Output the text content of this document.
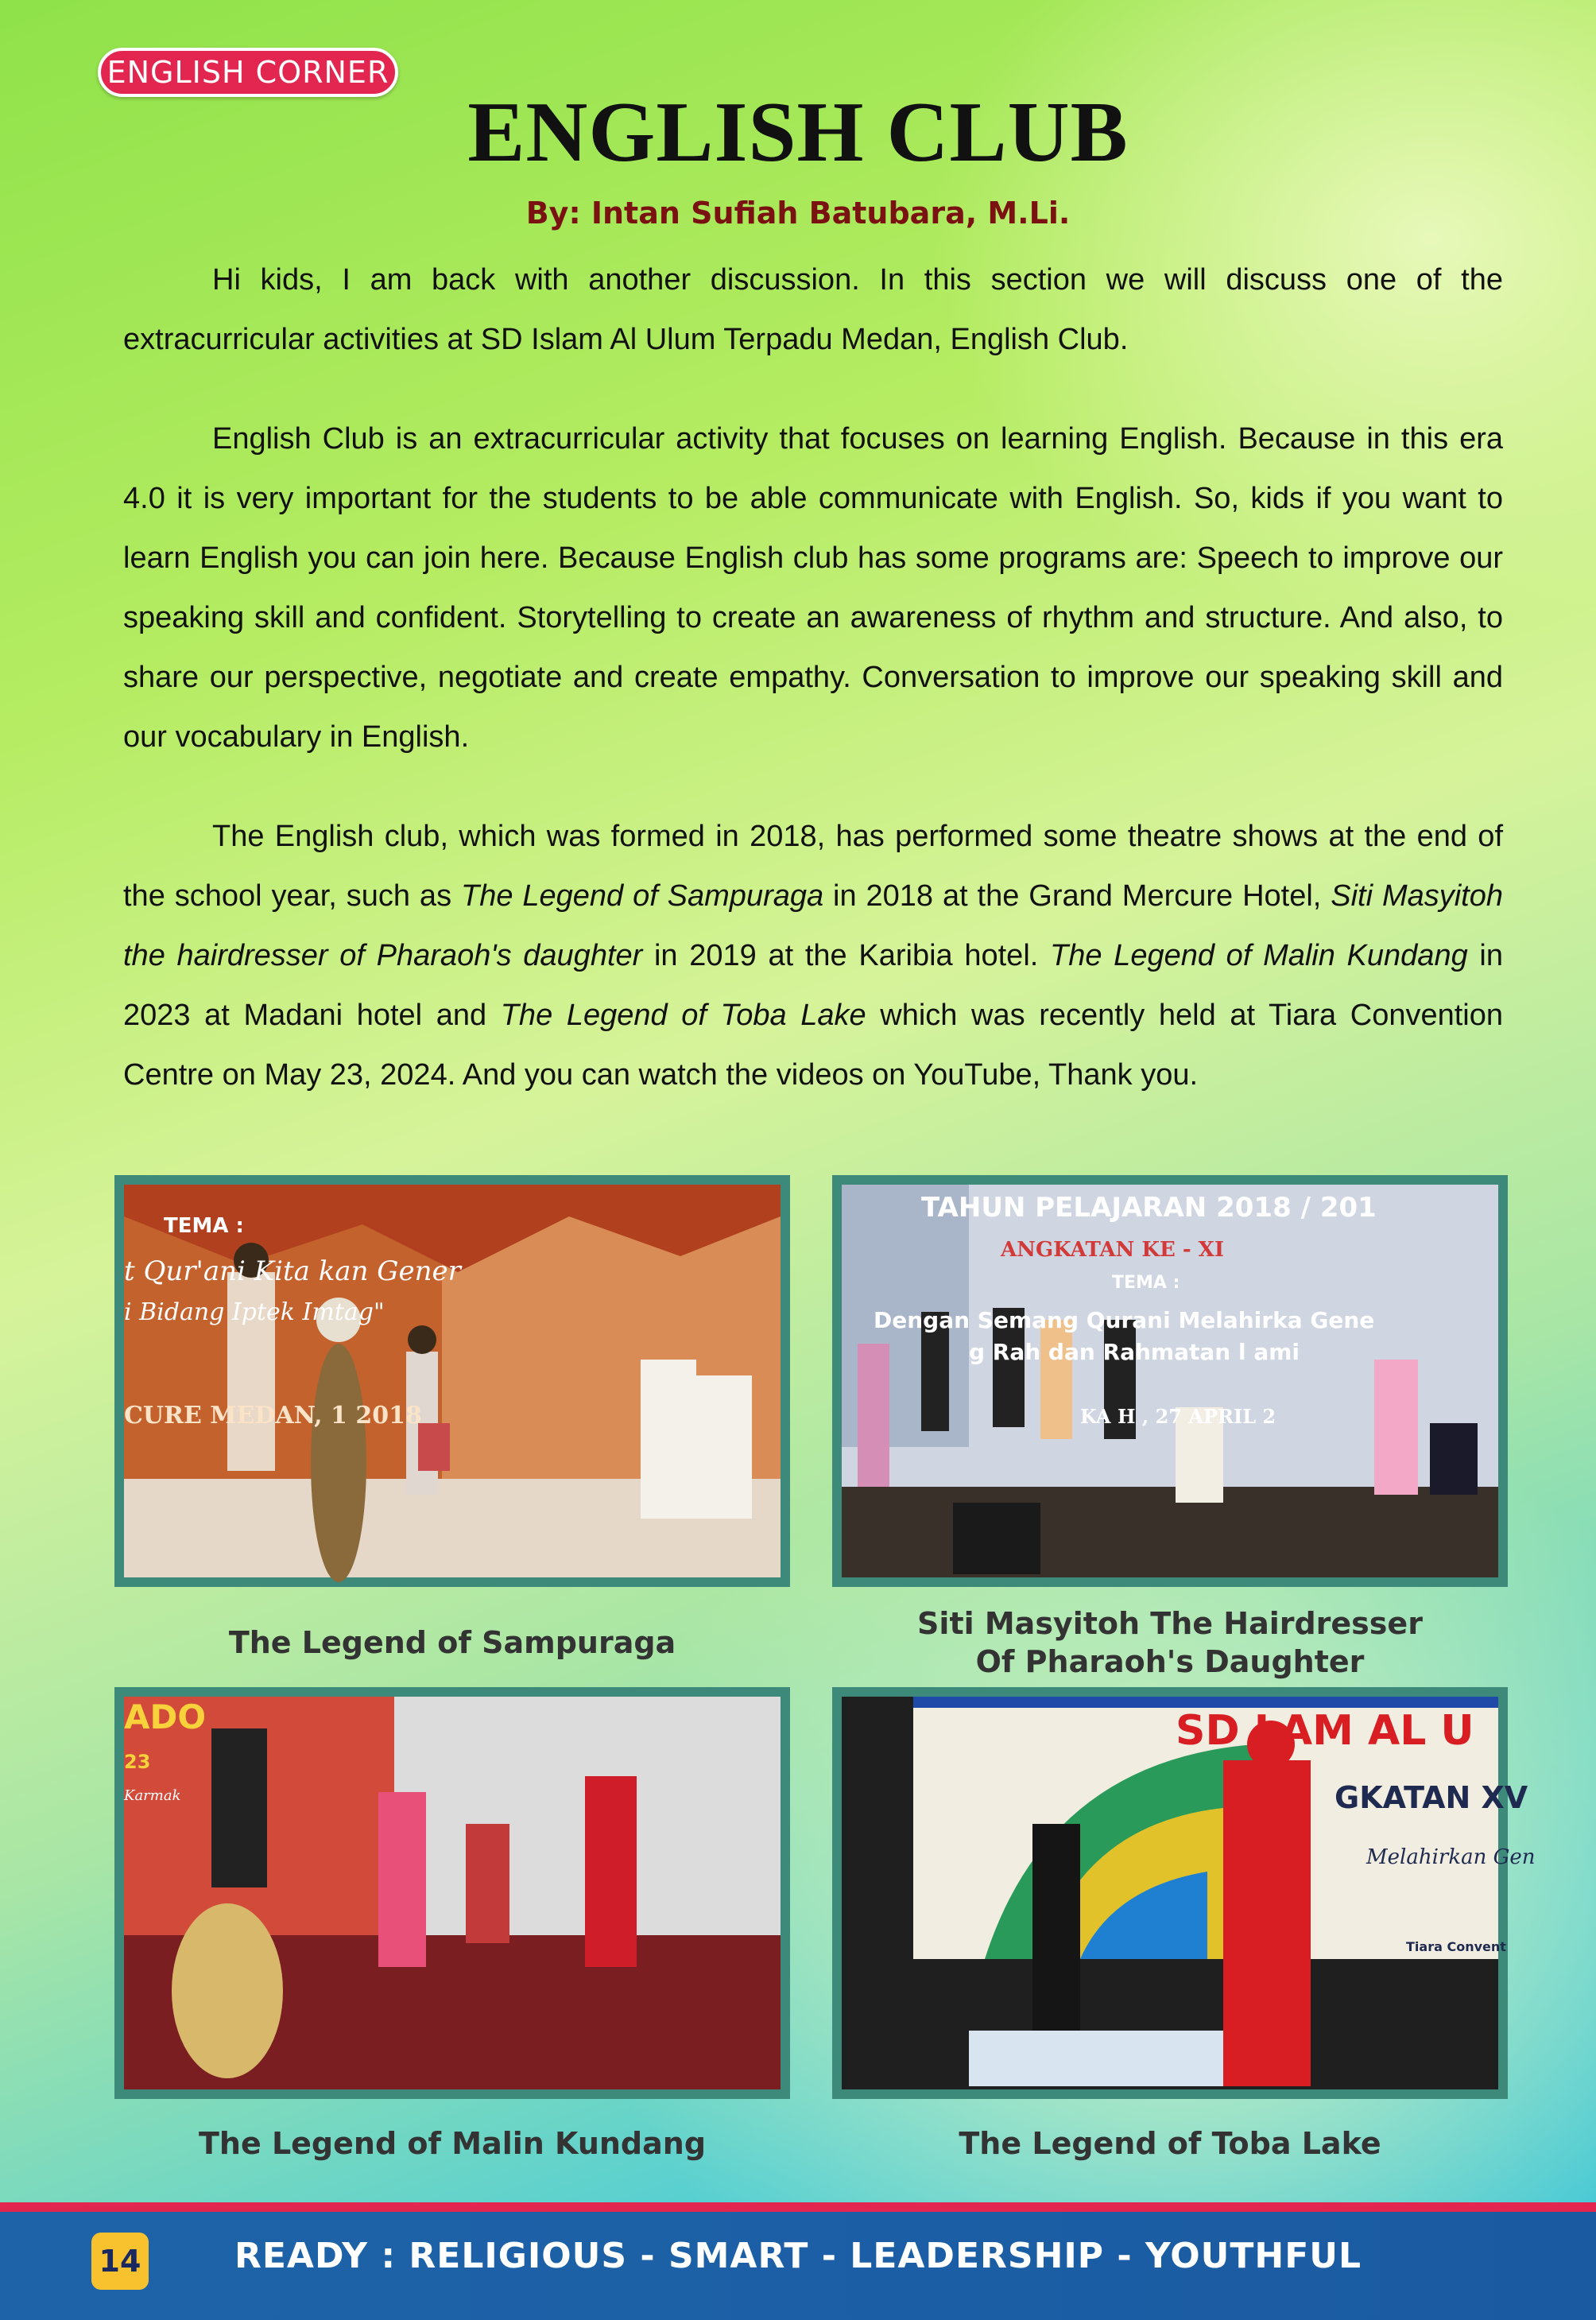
ENGLISH CORNER
ENGLISH CLUB
By: Intan Sufiah Batubara, M.Li.

Hi kids, I am back with another discussion. In this section we will discuss one of the extracurricular activities at SD Islam Al Ulum Terpadu Medan, English Club.

English Club is an extracurricular activity that focuses on learning English. Because in this era 4.0 it is very important for the students to be able communicate with English. So, kids if you want to learn English you can join here. Because English club has some programs are: Speech to improve our speaking skill and confident. Storytelling to create an awareness of rhythm and structure. And also, to share our perspective, negotiate and create empathy. Conversation to improve our speaking skill and our vocabulary in English.

The English club, which was formed in 2018, has performed some theatre shows at the end of the school year, such as The Legend of Sampuraga in 2018 at the Grand Mercure Hotel, Siti Masyitoh the hairdresser of Pharaoh's daughter in 2019 at the Karibia hotel. The Legend of Malin Kundang in 2023 at Madani hotel and The Legend of Toba Lake which was recently held at Tiara Convention Centre on May 23, 2024. And you can watch the videos on YouTube, Thank you.

TEMA :
t Qur'ani Kita kan Gener
i Bidang Iptek Imtag"
CURE MEDAN, 1 2018
The Legend of Sampuraga
TAHUN PELAJARAN 2018 / 201
ANGKATAN KE - XI
TEMA :
Dengan Semang Qurani Melahirka Gene
g Rah dan Rahmatan l ami
KA H , 27 APRIL 2
Siti Masyitoh The Hairdresser
Of Pharaoh's Daughter
ADO
23
Karmak
The Legend of Malin Kundang
SD LAM AL U
GKATAN XV
Melahirkan Gen
Tiara Convent
The Legend of Toba Lake
14	READY : RELIGIOUS - SMART - LEADERSHIP - YOUTHFUL
